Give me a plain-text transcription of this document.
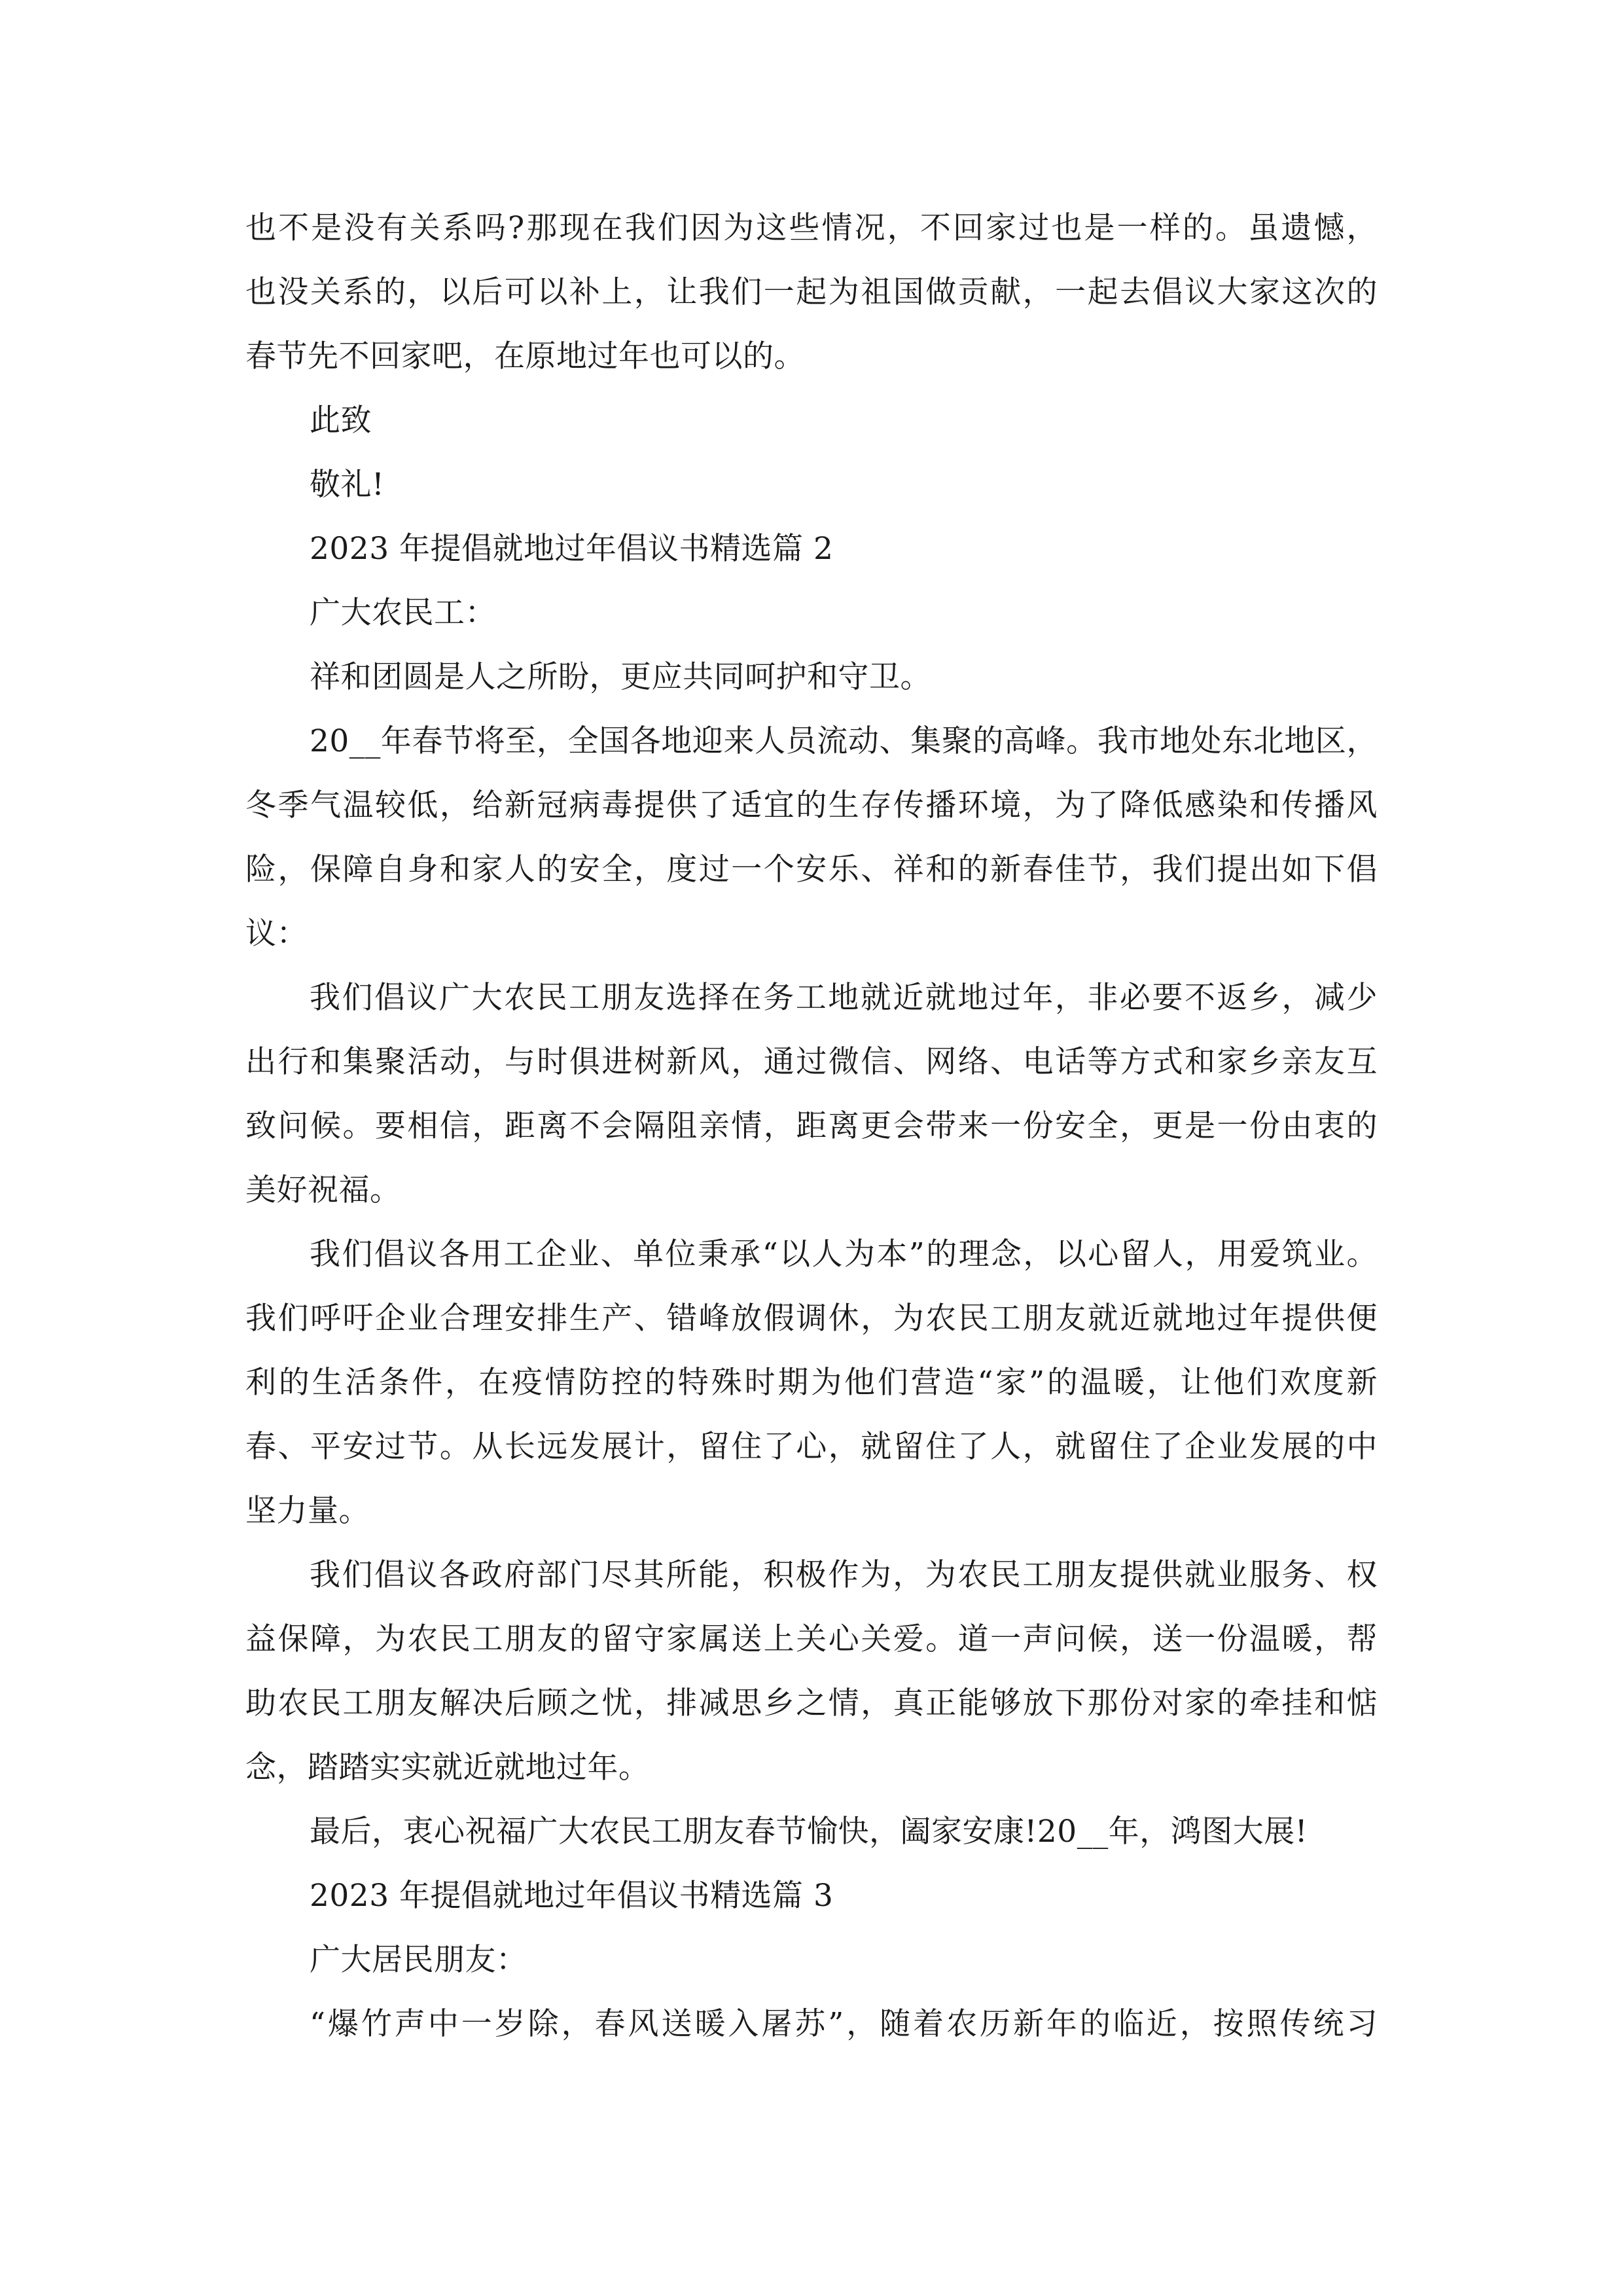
也不是没有关系吗?那现在我们因为这些情况，不回家过也是一样的。虽遗憾，
也没关系的，以后可以补上，让我们一起为祖国做贡献，一起去倡议大家这次的
春节先不回家吧，在原地过年也可以的。
此致
敬礼!
2023 年提倡就地过年倡议书精选篇 2
广大农民工：
祥和团圆是人之所盼，更应共同呵护和守卫。
20__年春节将至，全国各地迎来人员流动、集聚的高峰。我市地处东北地区，
冬季气温较低，给新冠病毒提供了适宜的生存传播环境，为了降低感染和传播风
险，保障自身和家人的安全，度过一个安乐、祥和的新春佳节，我们提出如下倡
议：
我们倡议广大农民工朋友选择在务工地就近就地过年，非必要不返乡，减少
出行和集聚活动，与时俱进树新风，通过微信、网络、电话等方式和家乡亲友互
致问候。要相信，距离不会隔阻亲情，距离更会带来一份安全，更是一份由衷的
美好祝福。
我们倡议各用工企业、单位秉承“以人为本”的理念，以心留人，用爱筑业。
我们呼吁企业合理安排生产、错峰放假调休，为农民工朋友就近就地过年提供便
利的生活条件，在疫情防控的特殊时期为他们营造“家”的温暖，让他们欢度新
春、平安过节。从长远发展计，留住了心，就留住了人，就留住了企业发展的中
坚力量。
我们倡议各政府部门尽其所能，积极作为，为农民工朋友提供就业服务、权
益保障，为农民工朋友的留守家属送上关心关爱。道一声问候，送一份温暖，帮
助农民工朋友解决后顾之忧，排减思乡之情，真正能够放下那份对家的牵挂和惦
念，踏踏实实就近就地过年。
最后，衷心祝福广大农民工朋友春节愉快，阖家安康!20__年，鸿图大展!
2023 年提倡就地过年倡议书精选篇 3
广大居民朋友：
“爆竹声中一岁除，春风送暖入屠苏”，随着农历新年的临近，按照传统习
